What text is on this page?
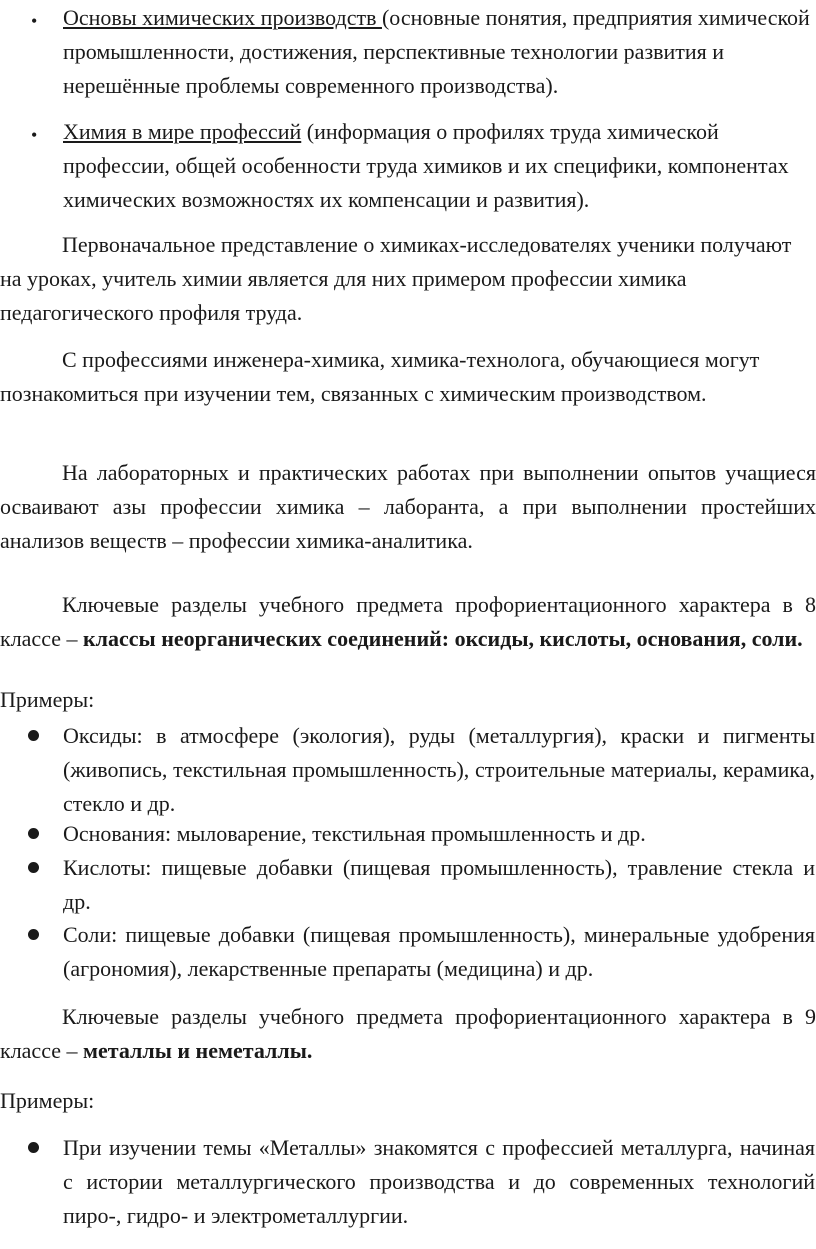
• Основы химических производств (основные понятия, предприятия химической промышленности, достижения, перспективные технологии развития и нерешённые проблемы современного производства).

• Химия в мире профессий (информация о профилях труда химической профессии, общей особенности труда химиков и их специфики, компонентах химических возможностях их компенсации и развития).

Первоначальное представление о химиках-исследователях ученики получают на уроках, учитель химии является для них примером профессии химика педагогического профиля труда.

С профессиями инженера-химика, химика-технолога, обучающиеся могут познакомиться при изучении тем, связанных с химическим производством.

На лабораторных и практических работах при выполнении опытов учащиеся осваивают азы профессии химика – лаборанта, а при выполнении простейших анализов веществ – профессии химика-аналитика.

Ключевые разделы учебного предмета профориентационного характера в 8 классе – классы неорганических соединений: оксиды, кислоты, основания, соли.

Примеры:

Оксиды: в атмосфере (экология), руды (металлургия), краски и пигменты (живопись, текстильная промышленность), строительные материалы, керамика, стекло и др.

Основания: мыловарение, текстильная промышленность и др.

Кислоты: пищевые добавки (пищевая промышленность), травление стекла и др.

Соли: пищевые добавки (пищевая промышленность), минеральные удобрения (агрономия), лекарственные препараты (медицина) и др.

Ключевые разделы учебного предмета профориентационного характера в 9 классе – металлы и неметаллы.

Примеры:

При изучении темы «Металлы» знакомятся с профессией металлурга, начиная с истории металлургического производства и до современных технологий пиро-, гидро- и электрометаллургии.
